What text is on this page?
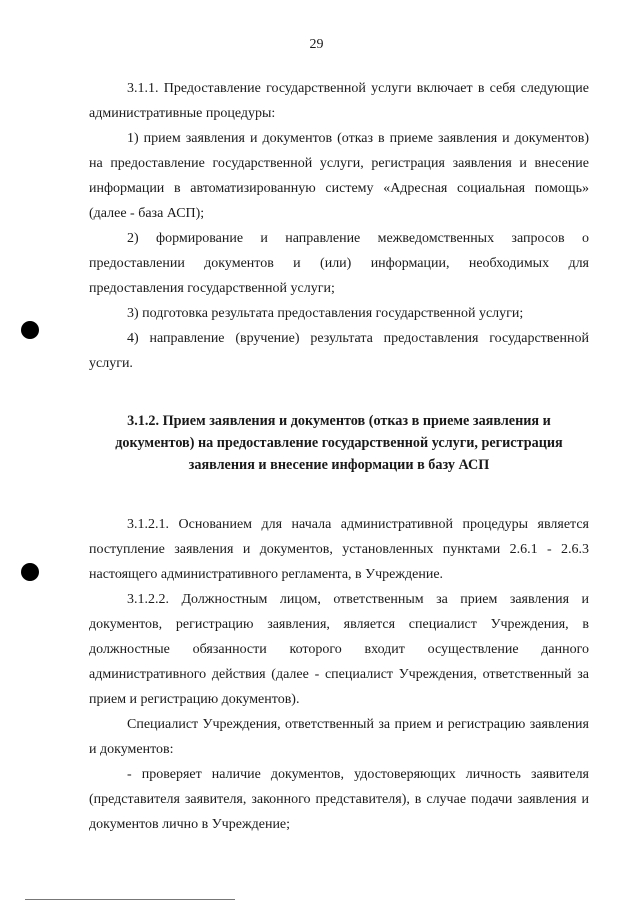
29

3.1.1. Предоставление государственной услуги включает в себя следующие административные процедуры:

1) прием заявления и документов (отказ в приеме заявления и документов) на предоставление государственной услуги, регистрация заявления и внесение информации в автоматизированную систему «Адресная социальная помощь» (далее - база АСП);

2) формирование и направление межведомственных запросов о предоставлении документов и (или) информации, необходимых для предоставления государственной услуги;

3) подготовка результата предоставления государственной услуги;

4) направление (вручение) результата предоставления государственной услуги.

3.1.2. Прием заявления и документов (отказ в приеме заявления и документов) на предоставление государственной услуги, регистрация заявления и внесение информации в базу АСП

3.1.2.1. Основанием для начала административной процедуры является поступление заявления и документов, установленных пунктами 2.6.1 - 2.6.3 настоящего административного регламента, в Учреждение.

3.1.2.2. Должностным лицом, ответственным за прием заявления и документов, регистрацию заявления, является специалист Учреждения, в должностные обязанности которого входит осуществление данного административного действия (далее - специалист Учреждения, ответственный за прием и регистрацию документов).

Специалист Учреждения, ответственный за прием и регистрацию заявления и документов:

- проверяет наличие документов, удостоверяющих личность заявителя (представителя заявителя, законного представителя), в случае подачи заявления и документов лично в Учреждение;
